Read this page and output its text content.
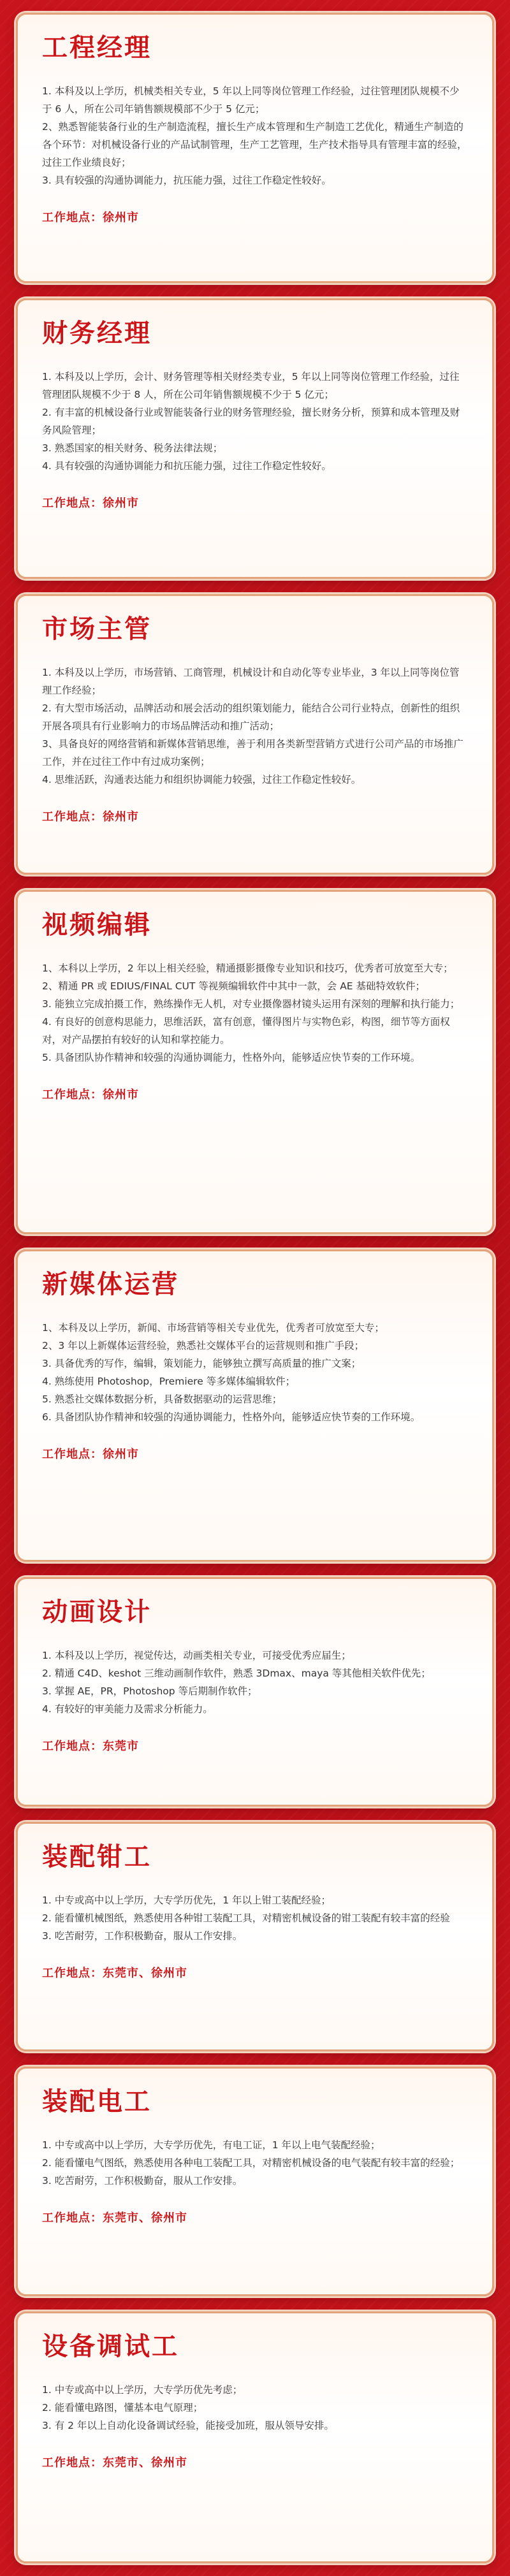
工程经理
1. 本科及以上学历，机械类相关专业，5 年以上同等岗位管理工作经验，过往管理团队规模不少于 6 人，所在公司年销售额规模部不少于 5 亿元；
2、熟悉智能装备行业的生产制造流程，擅长生产成本管理和生产制造工艺优化，精通生产制造的各个环节：对机械设备行业的产品试制管理，生产工艺管理，生产技术指导具有管理丰富的经验，过往工作业绩良好；
3. 具有较强的沟通协调能力，抗压能力强，过往工作稳定性较好。
工作地点：徐州市
财务经理
1. 本科及以上学历，会计、财务管理等相关财经类专业，5 年以上同等岗位管理工作经验，过往管理团队规模不少于 8 人，所在公司年销售额规模不少于 5 亿元；
2. 有丰富的机械设备行业或智能装备行业的财务管理经验，擅长财务分析，预算和成本管理及财务风险管理；
3. 熟悉国家的相关财务、税务法律法规；
4. 具有较强的沟通协调能力和抗压能力强，过往工作稳定性较好。
工作地点：徐州市
市场主管
1. 本科及以上学历，市场营销、工商管理，机械设计和自动化等专业毕业，3 年以上同等岗位管理工作经验；
2. 有大型市场活动，品牌活动和展会活动的组织策划能力，能结合公司行业特点，创新性的组织开展各项具有行业影响力的市场品牌活动和推广活动；
3、具备良好的网络营销和新媒体营销思维，善于利用各类新型营销方式进行公司产品的市场推广工作，并在过往工作中有过成功案例；
4. 思维活跃，沟通表达能力和组织协调能力较强，过往工作稳定性较好。
工作地点：徐州市
视频编辑
1、本科以上学历，2 年以上相关经验，精通摄影摄像专业知识和技巧，优秀者可放宽至大专；
2、精通 PR 或 EDIUS/FINAL CUT 等视频编辑软件中其中一款，会 AE 基础特效软件；
3. 能独立完成拍摄工作，熟练操作无人机，对专业摄像器材镜头运用有深刻的理解和执行能力；
4. 有良好的创意构思能力，思维活跃，富有创意，懂得图片与实物色彩，构图，细节等方面权对，对产品摆拍有较好的认知和掌控能力。
5. 具备团队协作精神和较强的沟通协调能力，性格外向，能够适应快节奏的工作环境。
工作地点：徐州市
新媒体运营
1、本科及以上学历，新闻、市场营销等相关专业优先，优秀者可放宽至大专；
2、3 年以上新媒体运营经验，熟悉社交媒体平台的运营规则和推广手段；
3. 具备优秀的写作，编辑，策划能力，能够独立撰写高质量的推广文案；
4. 熟练使用 Photoshop，Premiere 等多媒体编辑软件；
5. 熟悉社交媒体数据分析，具备数据驱动的运营思维；
6. 具备团队协作精神和较强的沟通协调能力，性格外向，能够适应快节奏的工作环境。
工作地点：徐州市
动画设计
1. 本科及以上学历，视觉传达，动画类相关专业，可接受优秀应届生；
2. 精通 C4D、keshot 三维动画制作软件，熟悉 3Dmax、maya 等其他相关软件优先；
3. 掌握 AE，PR，Photoshop 等后期制作软件；
4. 有较好的审美能力及需求分析能力。
工作地点：东莞市
装配钳工
1. 中专或高中以上学历，大专学历优先，1 年以上钳工装配经验；
2. 能看懂机械图纸，熟悉使用各种钳工装配工具，对精密机械设备的钳工装配有较丰富的经验
3. 吃苦耐劳，工作积极勤奋，服从工作安排。
工作地点：东莞市、徐州市
装配电工
1. 中专或高中以上学历，大专学历优先，有电工证，1 年以上电气装配经验；
2. 能看懂电气图纸，熟悉使用各种电工装配工具，对精密机械设备的电气装配有较丰富的经验；
3. 吃苦耐劳，工作积极勤奋，服从工作安排。
工作地点：东莞市、徐州市
设备调试工
1. 中专或高中以上学历，大专学历优先考虑；
2. 能看懂电路图，懂基本电气原理；
3. 有 2 年以上自动化设备调试经验，能接受加班，服从领导安排。
工作地点：东莞市、徐州市
